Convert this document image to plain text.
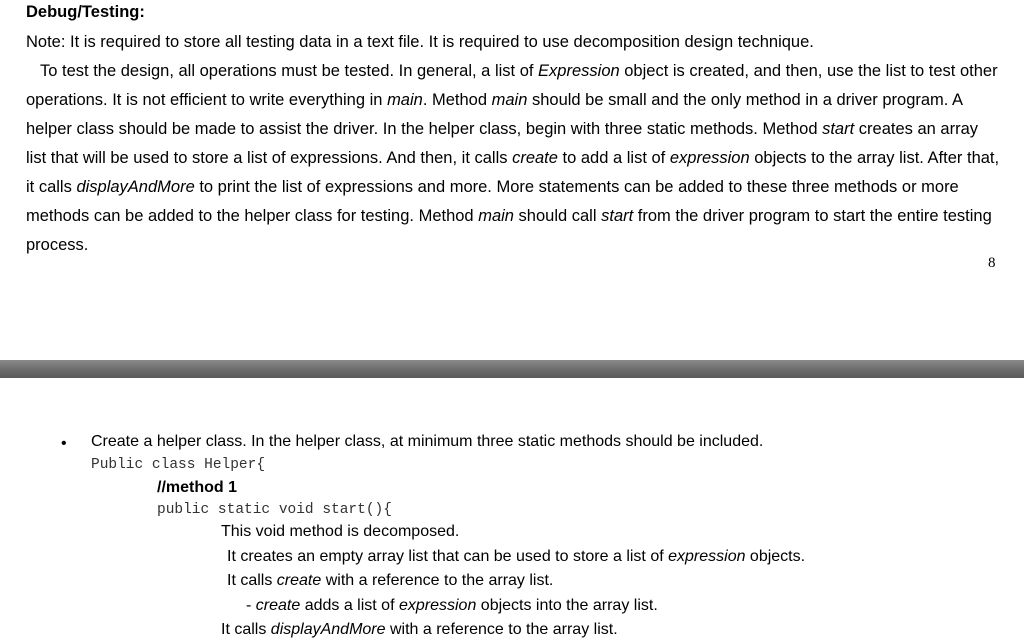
Debug/Testing:
Note: It is required to store all testing data in a text file. It is required to use decomposition design technique.
To test the design, all operations must be tested. In general, a list of Expression object is created, and then, use the list to test other operations. It is not efficient to write everything in main. Method main should be small and the only method in a driver program. A helper class should be made to assist the driver. In the helper class, begin with three static methods. Method start creates an array list that will be used to store a list of expressions. And then, it calls create to add a list of expression objects to the array list. After that, it calls displayAndMore to print the list of expressions and more. More statements can be added to these three methods or more methods can be added to the helper class for testing. Method main should call start from the driver program to start the entire testing process.
8
• Create a helper class. In the helper class, at minimum three static methods should be included.
Public class Helper{
//method 1
public static void start(){
This void method is decomposed.
It creates an empty array list that can be used to store a list of expression objects.
It calls create with a reference to the array list.
- create adds a list of expression objects into the array list.
It calls displayAndMore with a reference to the array list.
